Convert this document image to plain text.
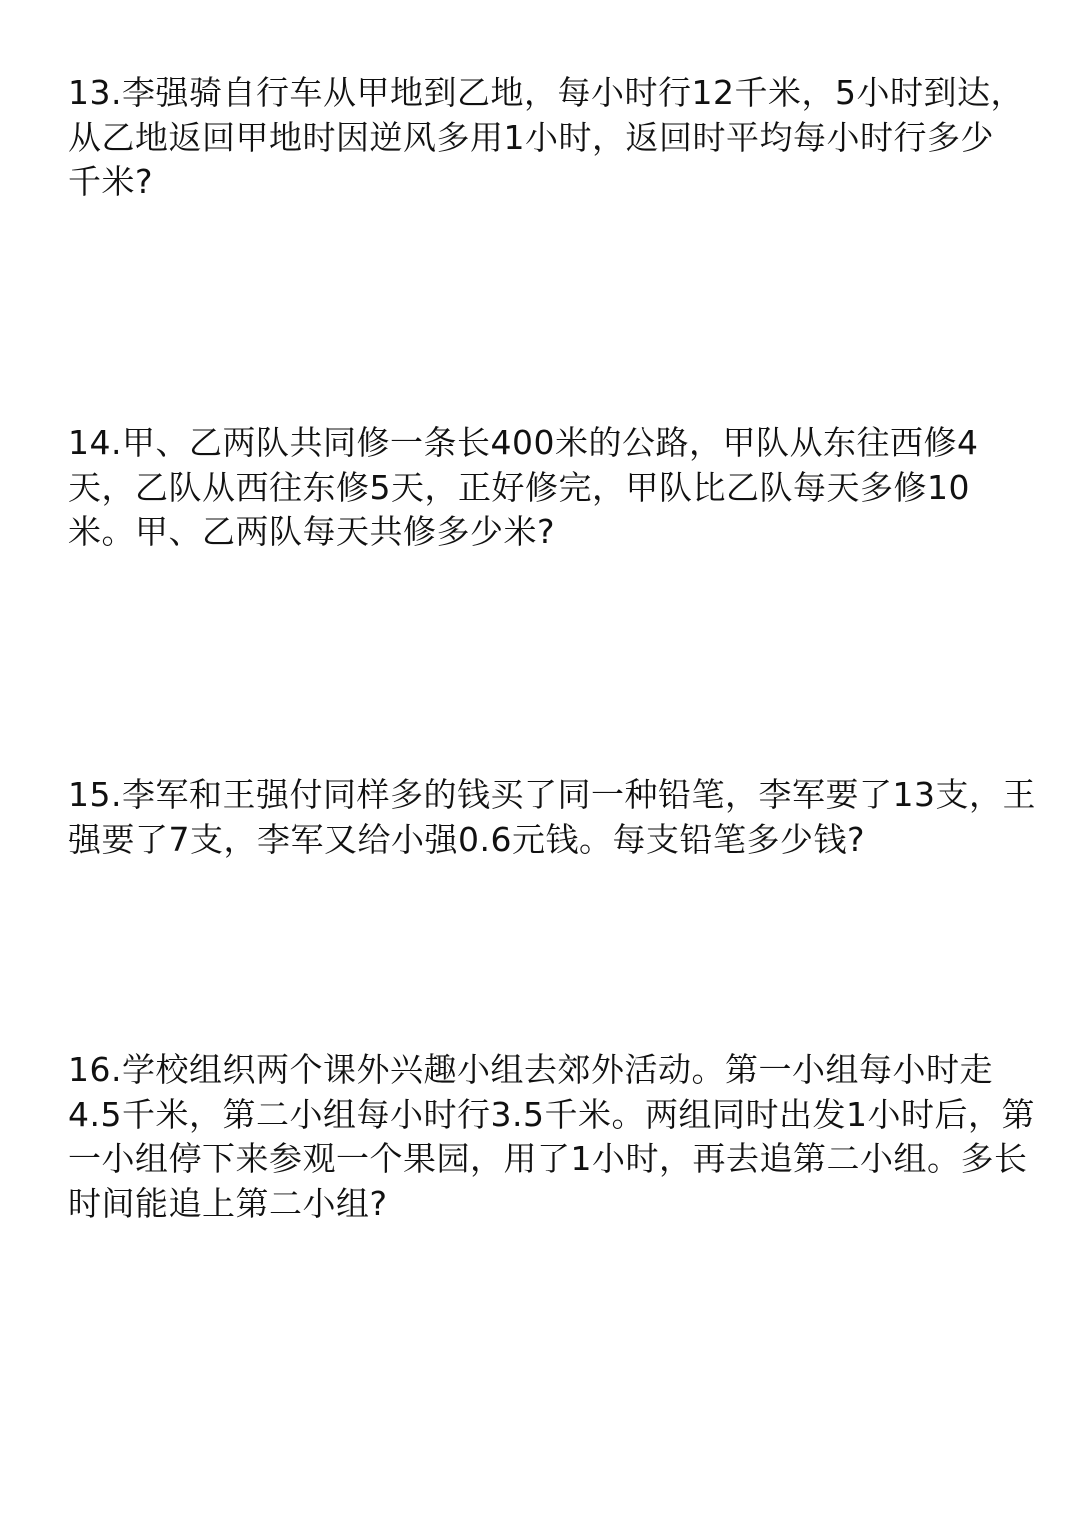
13.李强骑自行车从甲地到乙地，每小时行12千米，5小时到达，
从乙地返回甲地时因逆风多用1小时，返回时平均每小时行多少
千米?
14.甲、乙两队共同修一条长400米的公路，甲队从东往西修4
天，乙队从西往东修5天，正好修完，甲队比乙队每天多修10
米。甲、乙两队每天共修多少米?
15.李军和王强付同样多的钱买了同一种铅笔，李军要了13支，王
强要了7支，李军又给小强0.6元钱。每支铅笔多少钱?
16.学校组织两个课外兴趣小组去郊外活动。第一小组每小时走
4.5千米，第二小组每小时行3.5千米。两组同时出发1小时后，第
一小组停下来参观一个果园，用了1小时，再去追第二小组。多长
时间能追上第二小组?
